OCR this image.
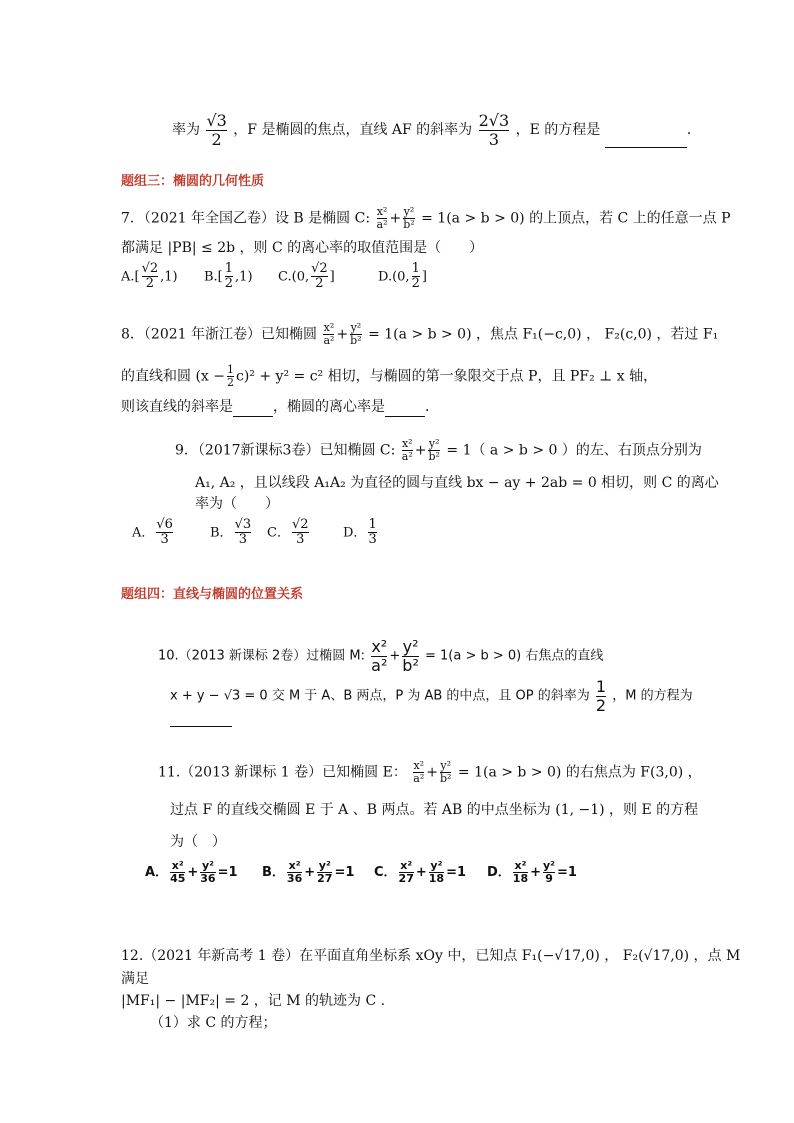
率为 $\frac{√3}{2}$ ，F 是椭圆的焦点，直线 AF 的斜率为 $\frac{2√3}{3}$ ，E 的方程是	.
题组三：椭圆的几何性质
7．（2021 年全国乙卷）设 B 是椭圆 C: $\frac{\text{x²}}{\text{a²}} + \frac{\text{y²}}{\text{b²}} = 1(a > b > 0)$ 的上顶点，若 C 上的任意一点 P
都满足 |PB| ≤ 2b ，则 C 的离心率的取值范围是（　　）
$A.[ \frac{√2}{2} ,1)$ $B.[ \frac{1}{2} ,1)$ C.(0, $\frac{√2}{2}$ ]	D.(0, $\frac{1}{2}$ ]
8．（2021 年浙江卷）已知椭圆 $\frac{\text{x²}}{\text{a²}} + \frac{\text{y²}}{\text{b²}} = 1(a > b > 0)$ ，焦点 F₁(−c,0) ， F₂(c,0) ，若过 F₁
的直线和圆 $(x - \frac{1}{2} c)^2 + y^2 = c^2$ 相切，与椭圆的第一象限交于点 P，且 PF₂ ⊥ x 轴，
则该直线的斜率是	，椭圆的离心率是	．
9．（2017新课标3卷）已知椭圆 C: $\frac{\text{x²}}{\text{a²}} + \frac{\text{y²}}{\text{b²}} = 1$（ a > b > 0 ）的左、右顶点分别为
A₁, A₂ ，且以线段 A₁A₂ 为直径的圆与直线 bx − ay + 2ab = 0 相切，则 C 的离心
率为（　　）
A． $\frac{√6}{3}$	B． $\frac{√3}{3}$ C． $\frac{√2}{3}$	D． $\frac{1}{3}$
题组四：直线与椭圆的位置关系
10.（2013 新课标 2卷）过椭圆 M: $\frac{\text{x²}}{\text{a²}} + \frac{\text{y²}}{\text{b²}} = 1(a > b > 0)$ 右焦点的直线
x + y − √3 = 0 交 M 于 A、B 两点，P 为 AB 的中点，且 OP 的斜率为 $\frac{1}{2}$ ，M 的方程为
11.（2013 新课标 1 卷）已知椭圆 E： $\frac{\text{x²}}{\text{a²}} + \frac{\text{y²}}{\text{b²}} = 1(a > b > 0)$ 的右焦点为 F(3,0) ，
过点 F 的直线交椭圆 E 于 A 、B 两点。若 AB 的中点坐标为 (1, −1) ，则 E 的方程
为（　）
A． $\frac{\text{x²}}{45} + \frac{\text{y²}}{36} =1$ B． $\frac{\text{x²}}{36} + \frac{\text{y²}}{27} =1$ C． $\frac{\text{x²}}{27} + \frac{\text{y²}}{18} =1$ D． $\frac{\text{x²}}{18} + \frac{\text{y²}}{9} =1$
12.（2021 年新高考 1 卷）在平面直角坐标系 xOy 中，已知点 F₁(−√17,0) ， F₂(√17,0) ，点 M
满足
|MF₁| − |MF₂| = 2 ，记 M 的轨迹为 C .
（1）求 C 的方程；
